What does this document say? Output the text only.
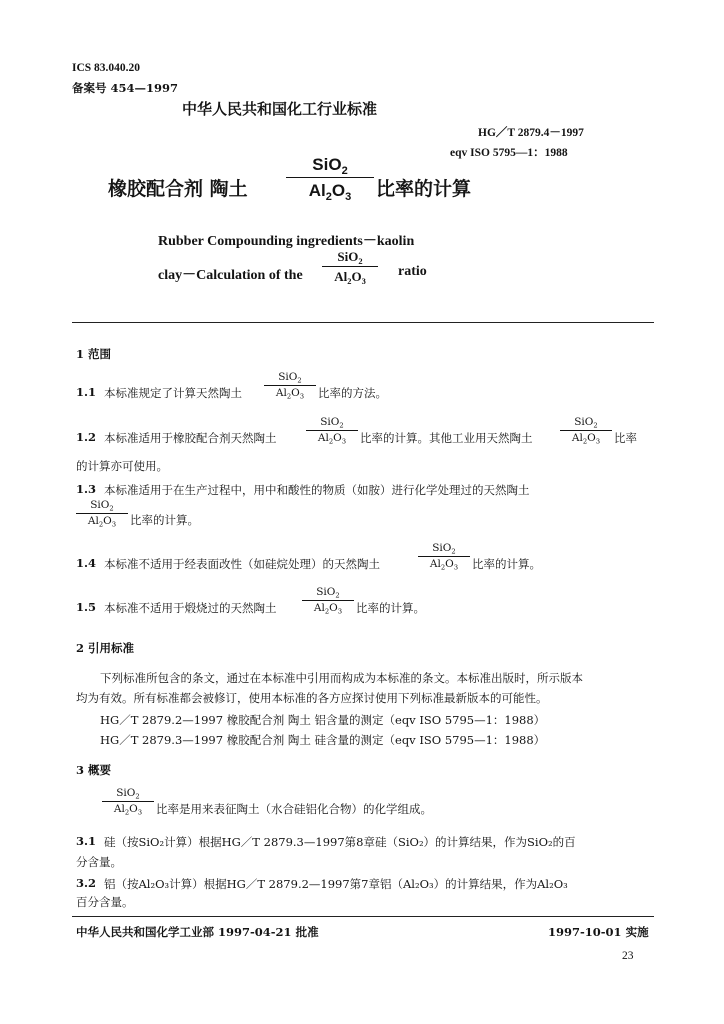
ICS 83.040.20
备案号 454—1997
中华人民共和国化工行业标准
HG／T 2879.4－1997
eqv ISO 5795—1：1988
橡胶配合剂 陶土
SiO$_2$
$Al_2O_3$	比率的计算
Rubber Compounding ingredients－kaolin
clay－Calculation of the
SiO$_2$
$Al_2O_3$
ratio
1 范围
1.1 本标准规定了计算天然陶土
SiO$_2$
$Al_2O_3$	比率的方法。
1.2 本标准适用于橡胶配合剂天然陶土
SiO$_2$
$Al_2O_3$	比率的计算。其他工业用天然陶土
SiO$_2$
$Al_2O_3$	比率
的计算亦可使用。
1.3 本标准适用于在生产过程中，用中和酸性的物质（如胺）进行化学处理过的天然陶土
SiO$_2$
$Al_2O_3$	比率的计算。
1.4 本标准不适用于经表面改性（如硅烷处理）的天然陶土
SiO$_2$
$Al_2O_3$	比率的计算。
1.5 本标准不适用于煅烧过的天然陶土
SiO$_2$
$Al_2O_3$	比率的计算。
2 引用标准
下列标准所包含的条文，通过在本标准中引用而构成为本标准的条文。本标准出版时，所示版本
均为有效。所有标准都会被修订，使用本标准的各方应探讨使用下列标准最新版本的可能性。
HG／T 2879.2—1997 橡胶配合剂 陶土 铝含量的测定（eqv ISO 5795—1：1988）
HG／T 2879.3—1997 橡胶配合剂 陶土 硅含量的测定（eqv ISO 5795—1：1988）
3 概要
SiO$_2$
$Al_2O_3$	比率是用来表征陶土（水合硅铝化合物）的化学组成。
3.1 硅（按SiO₂计算）根据HG／T 2879.3—1997第8章硅（SiO₂）的计算结果，作为SiO₂的百
分含量。
3.2 铝（按Al₂O₃计算）根据HG／T 2879.2—1997第7章铝（Al₂O₃）的计算结果，作为Al₂O₃
百分含量。
中华人民共和国化学工业部 1997-04-21 批准	1997-10-01 实施
23
